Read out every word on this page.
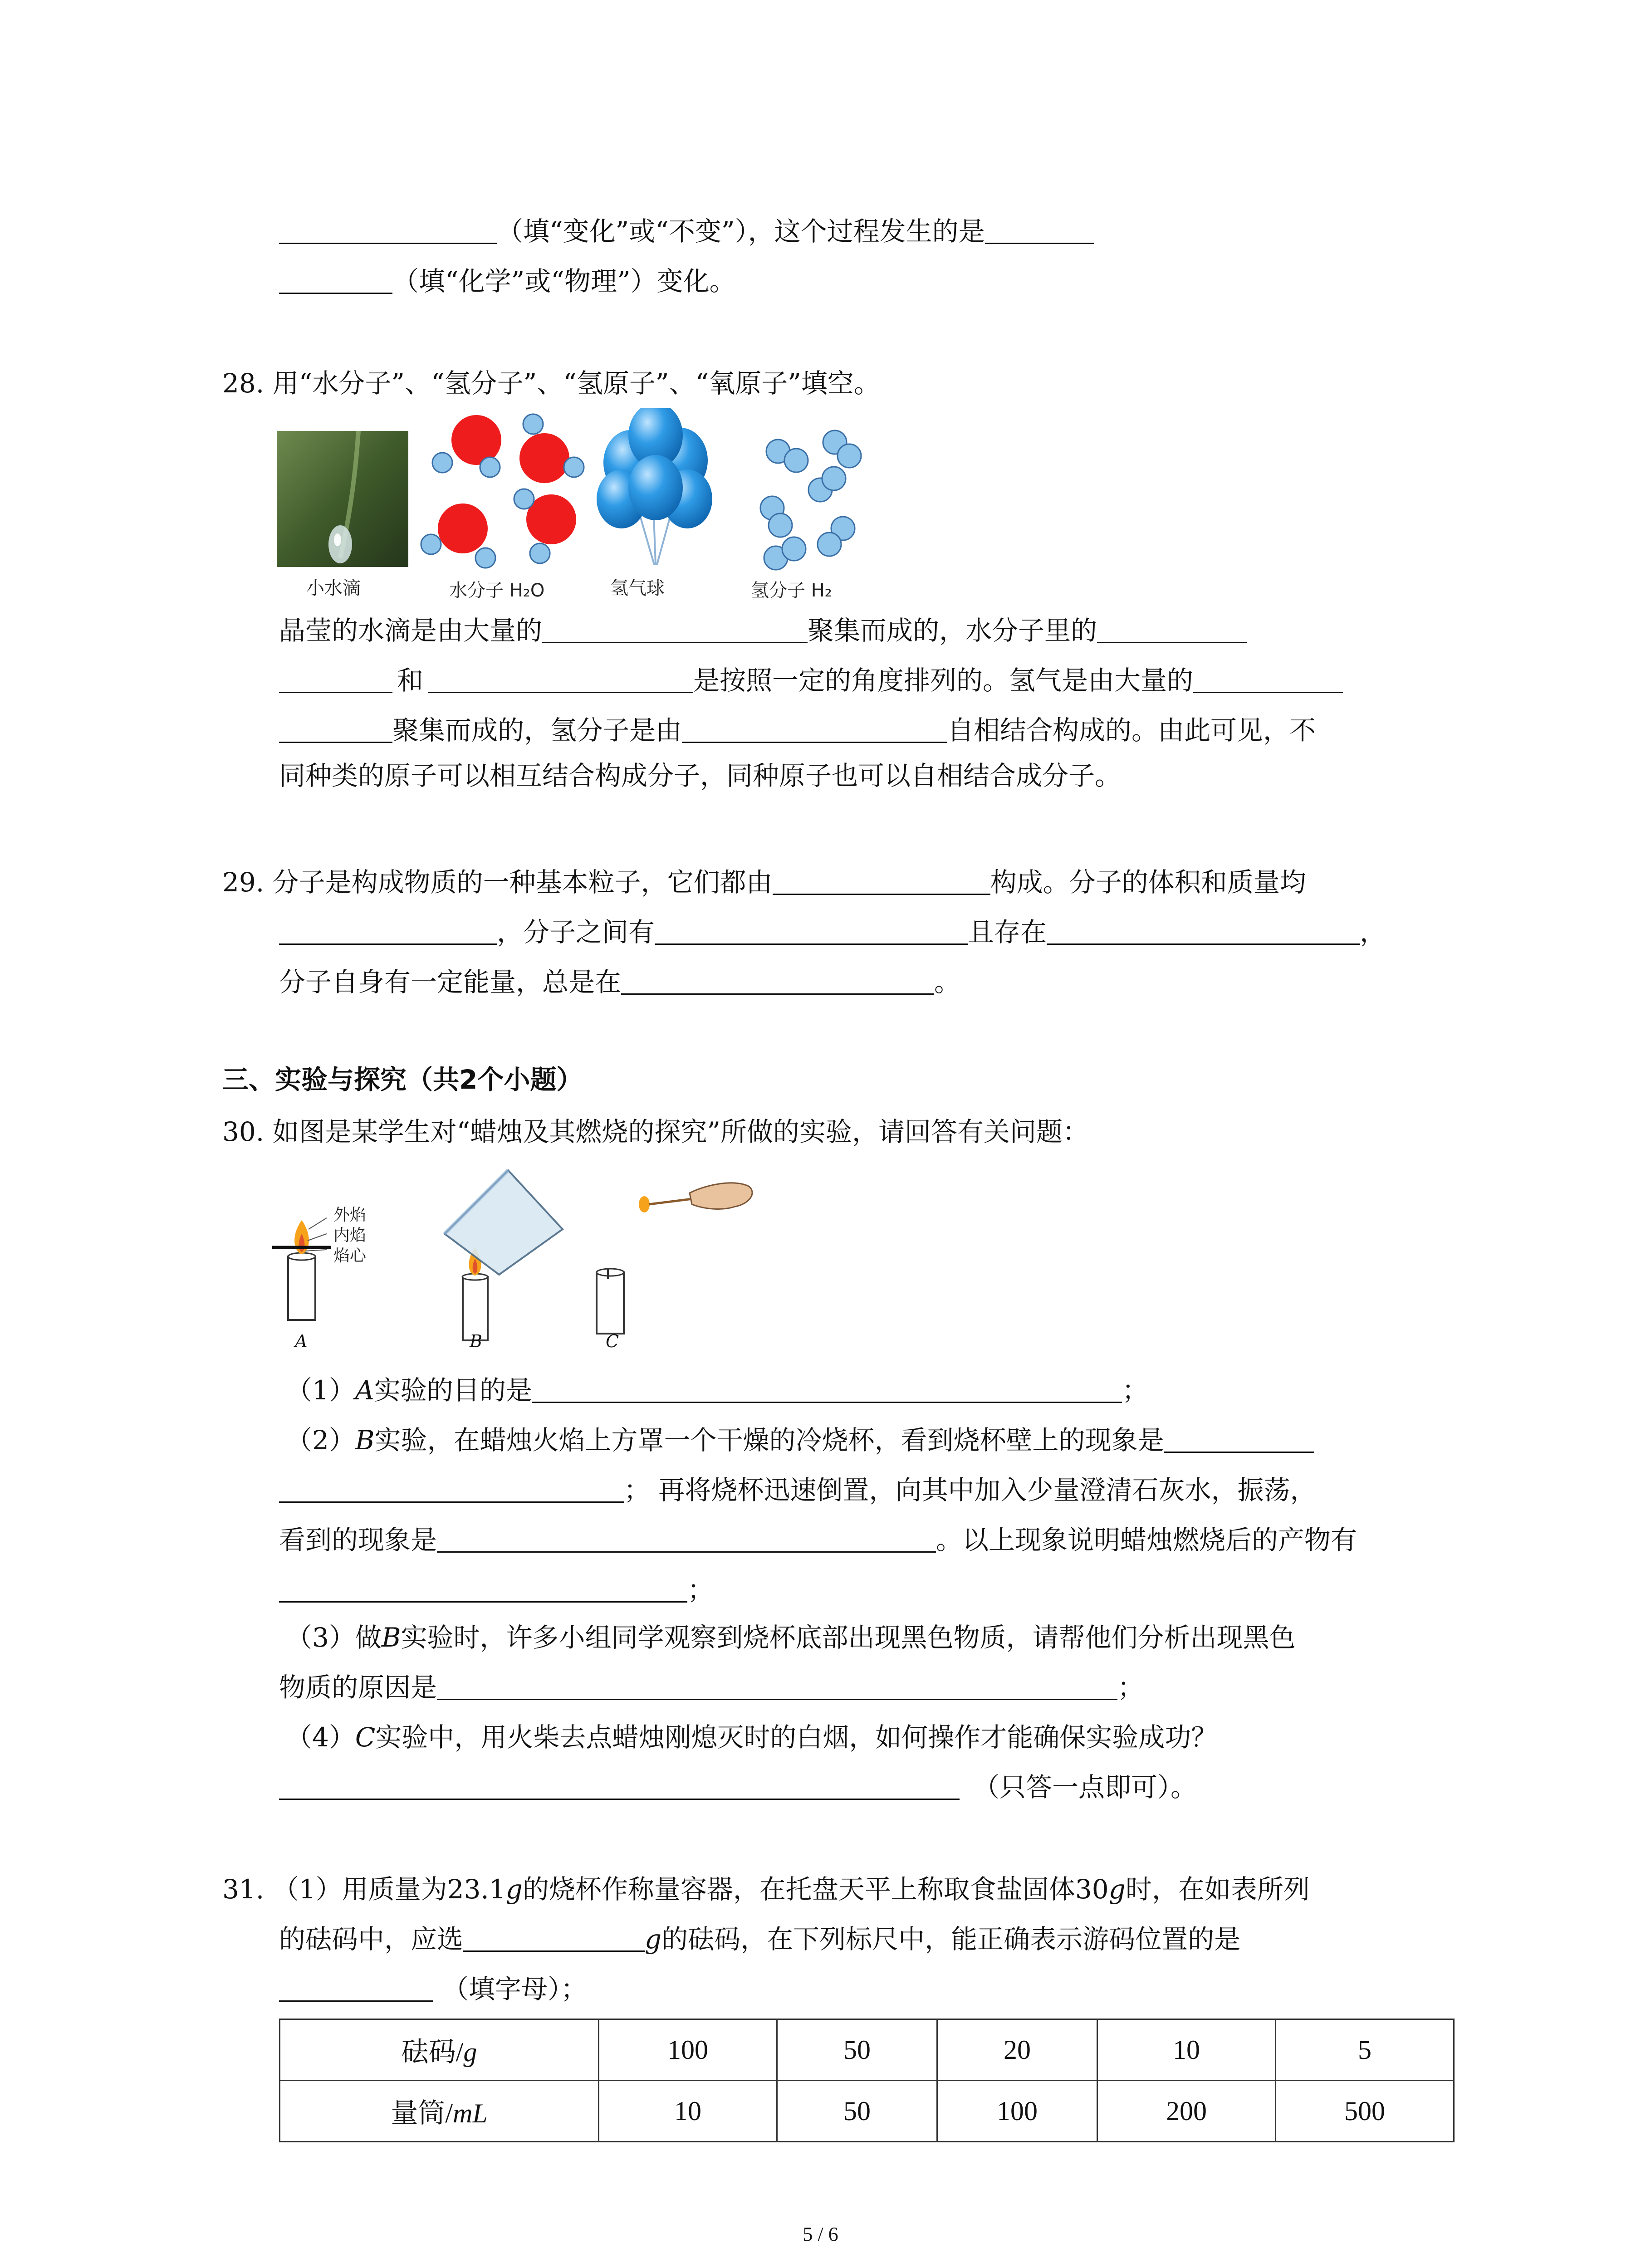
（填“变化”或“不变”），这个过程发生的是
（填“化学”或“物理”）变化。
28. 用“水分子”、“氢分子”、“氢原子”、“氧原子”填空。
小水滴	水分子 H₂O	氢气球	氢分子 H₂
晶莹的水滴是由大量的	聚集而成的，水分子里的
和	是按照一定的角度排列的。氢气是由大量的
聚集而成的，氢分子是由	自相结合构成的。由此可见，不
同种类的原子可以相互结合构成分子，同种原子也可以自相结合成分子。
29. 分子是构成物质的一种基本粒子，它们都由	构成。分子的体积和质量均
，分子之间有	且存在	，
分子自身有一定能量，总是在	。
三、实验与探究（共2个小题）
30. 如图是某学生对“蜡烛及其燃烧的探究”所做的实验，请回答有关问题：
外焰
内焰
焰心
A	B	C
（1）A实验的目的是	；
（2）B实验，在蜡烛火焰上方罩一个干燥的冷烧杯，看到烧杯壁上的现象是
； 再将烧杯迅速倒置，向其中加入少量澄清石灰水，振荡，
看到的现象是	。以上现象说明蜡烛燃烧后的产物有
；
（3）做B实验时，许多小组同学观察到烧杯底部出现黑色物质，请帮他们分析出现黑色
物质的原因是	；
（4）C实验中，用火柴去点蜡烛刚熄灭时的白烟，如何操作才能确保实验成功？
（只答一点即可）。
31. （1）用质量为23.1g的烧杯作称量容器，在托盘天平上称取食盐固体30g时，在如表所列
的砝码中，应选	g的砝码，在下列标尺中，能正确表示游码位置的是
（填字母）；
砝码/g	100	50	20	10	5
量筒/mL	10	50	100	200	500
5 / 6
